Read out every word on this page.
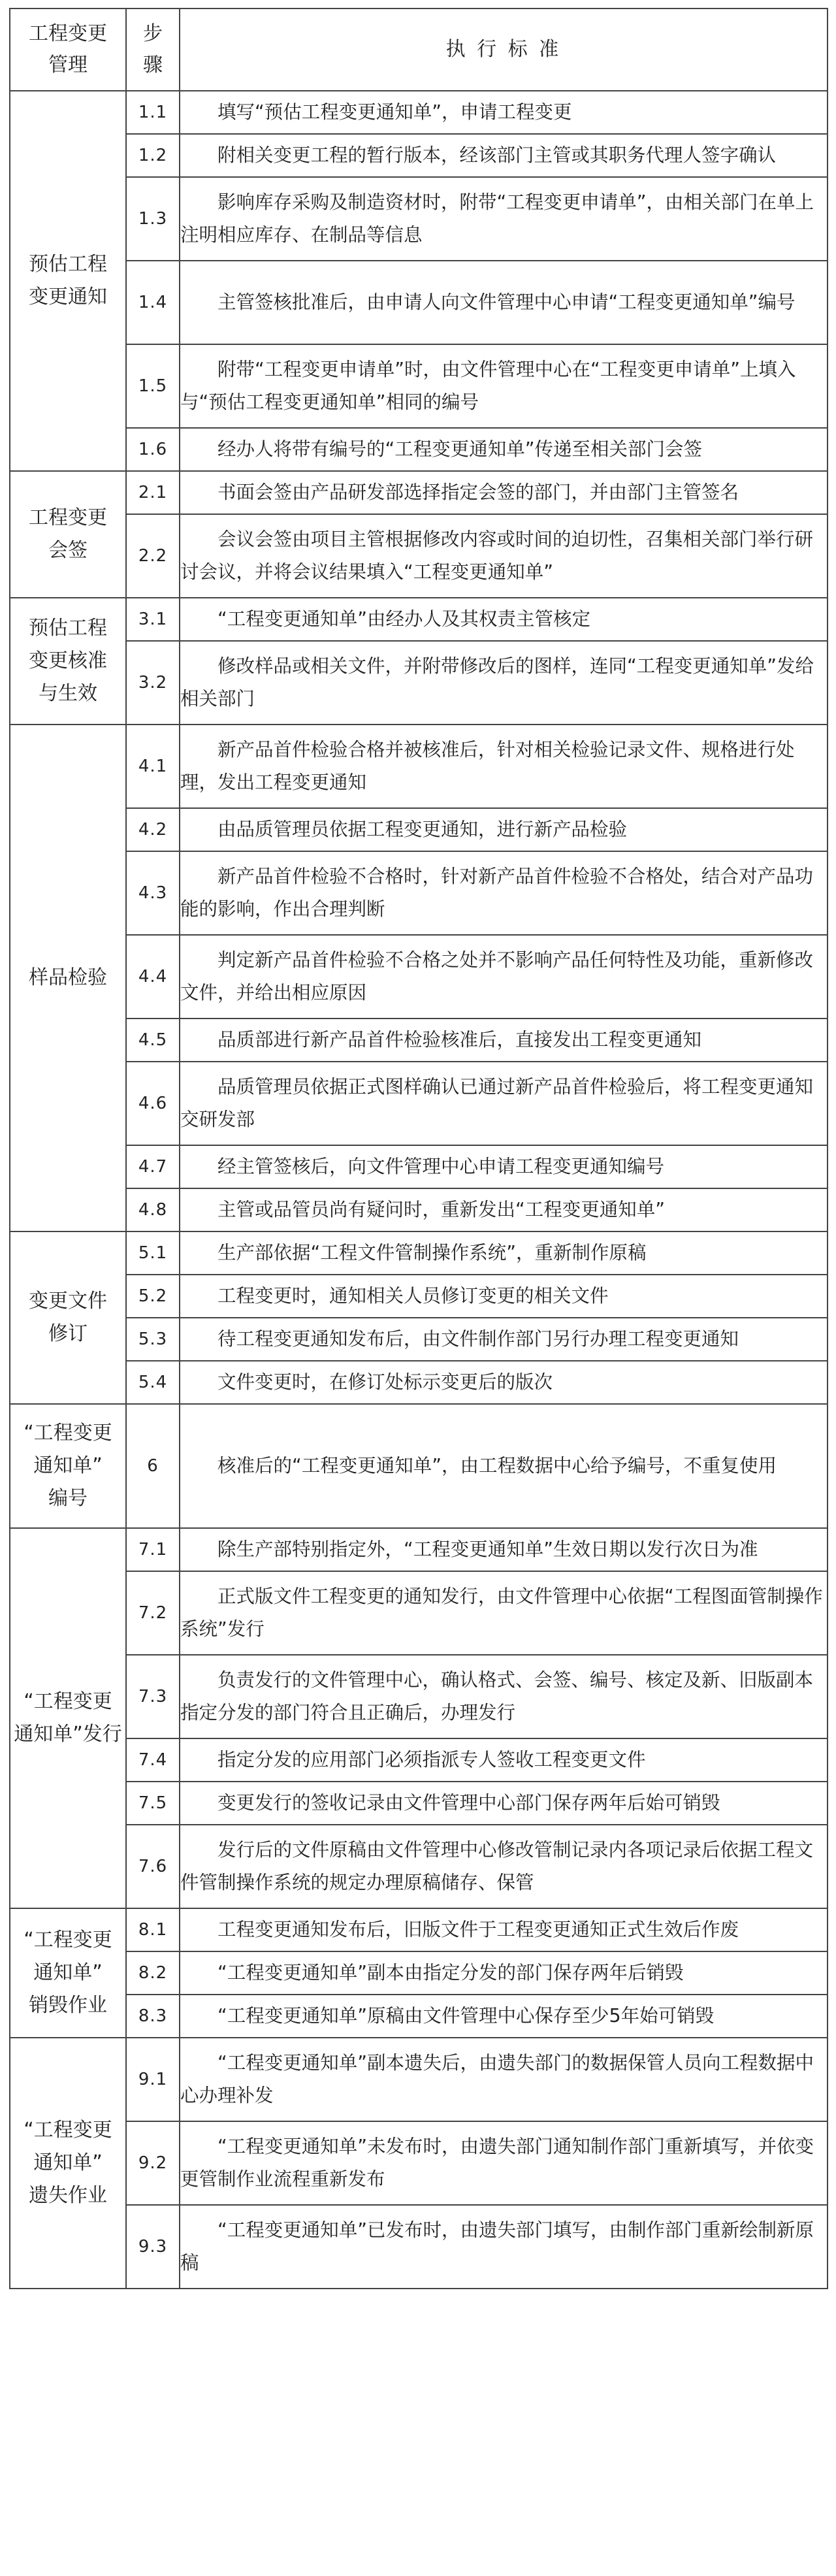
工程变更
管理	步
骤	执 行 标 准

预估工程
变更通知	1.1	填写“预估工程变更通知单”，申请工程变更

	1.2	附相关变更工程的暂行版本，经该部门主管或其职务代理人签字确认

	1.3	影响库存采购及制造资材时，附带“工程变更申请单”，由相关部门在单上注明相应库存、在制品等信息

	1.4	主管签核批准后，由申请人向文件管理中心申请“工程变更通知单”编号

	1.5	附带“工程变更申请单”时，由文件管理中心在“工程变更申请单”上填入与“预估工程变更通知单”相同的编号

	1.6	经办人将带有编号的“工程变更通知单”传递至相关部门会签

工程变更
会签	2.1	书面会签由产品研发部选择指定会签的部门，并由部门主管签名

	2.2	会议会签由项目主管根据修改内容或时间的迫切性，召集相关部门举行研讨会议，并将会议结果填入“工程变更通知单”

预估工程
变更核准
与生效	3.1	“工程变更通知单”由经办人及其权责主管核定

	3.2	修改样品或相关文件，并附带修改后的图样，连同“工程变更通知单”发给相关部门

样品检验	4.1	新产品首件检验合格并被核准后，针对相关检验记录文件、规格进行处理，发出工程变更通知

	4.2	由品质管理员依据工程变更通知，进行新产品检验

	4.3	新产品首件检验不合格时，针对新产品首件检验不合格处，结合对产品功能的影响，作出合理判断

	4.4	判定新产品首件检验不合格之处并不影响产品任何特性及功能，重新修改文件，并给出相应原因

	4.5	品质部进行新产品首件检验核准后，直接发出工程变更通知

	4.6	品质管理员依据正式图样确认已通过新产品首件检验后，将工程变更通知交研发部

	4.7	经主管签核后，向文件管理中心申请工程变更通知编号

	4.8	主管或品管员尚有疑问时，重新发出“工程变更通知单”

变更文件
修订	5.1	生产部依据“工程文件管制操作系统”，重新制作原稿

	5.2	工程变更时，通知相关人员修订变更的相关文件

	5.3	待工程变更通知发布后，由文件制作部门另行办理工程变更通知

	5.4	文件变更时，在修订处标示变更后的版次

“工程变更
通知单”
编号	6	核准后的“工程变更通知单”，由工程数据中心给予编号，不重复使用

“工程变更
通知单”发行	7.1	除生产部特别指定外，“工程变更通知单”生效日期以发行次日为准

	7.2	正式版文件工程变更的通知发行，由文件管理中心依据“工程图面管制操作系统”发行

	7.3	负责发行的文件管理中心，确认格式、会签、编号、核定及新、旧版副本指定分发的部门符合且正确后，办理发行

	7.4	指定分发的应用部门必须指派专人签收工程变更文件

	7.5	变更发行的签收记录由文件管理中心部门保存两年后始可销毁

	7.6	发行后的文件原稿由文件管理中心修改管制记录内各项记录后依据工程文件管制操作系统的规定办理原稿储存、保管

“工程变更
通知单”
销毁作业	8.1	工程变更通知发布后，旧版文件于工程变更通知正式生效后作废

	8.2	“工程变更通知单”副本由指定分发的部门保存两年后销毁

	8.3	“工程变更通知单”原稿由文件管理中心保存至少5年始可销毁

“工程变更
通知单”
遗失作业	9.1	“工程变更通知单”副本遗失后，由遗失部门的数据保管人员向工程数据中心办理补发

	9.2	“工程变更通知单”未发布时，由遗失部门通知制作部门重新填写，并依变更管制作业流程重新发布

	9.3	“工程变更通知单”已发布时，由遗失部门填写，由制作部门重新绘制新原稿
